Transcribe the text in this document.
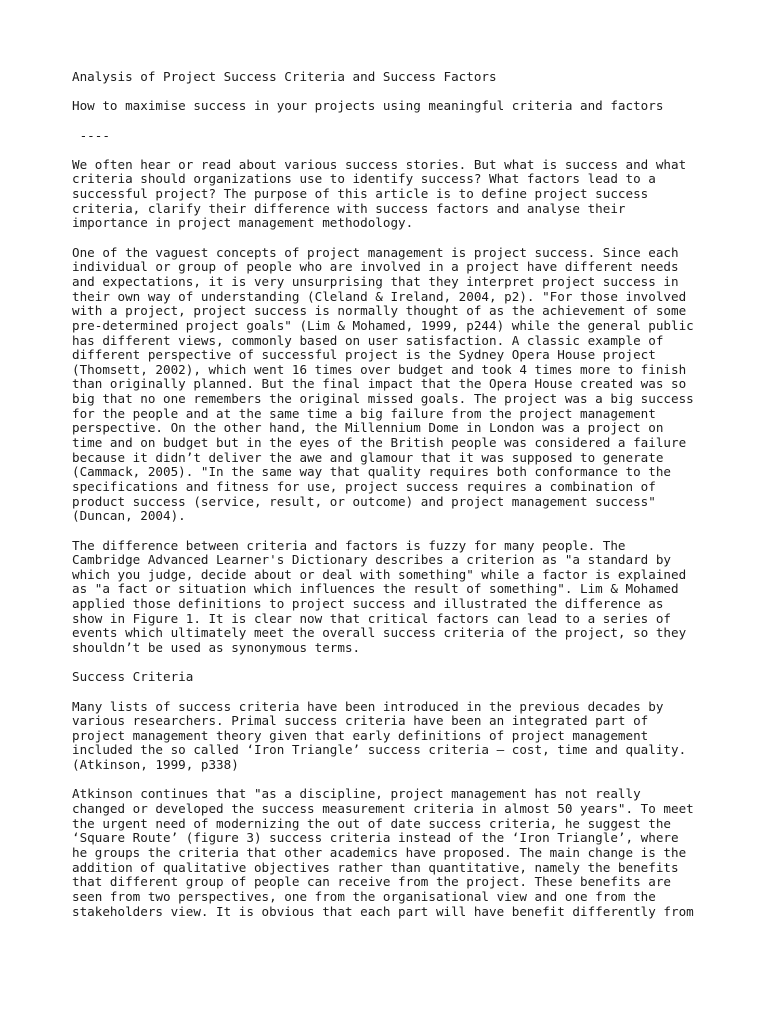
Analysis of Project Success Criteria and Success Factors
How to maximise success in your projects using meaningful criteria and factors
----
We often hear or read about various success stories. But what is success and what
criteria should organizations use to identify success? What factors lead to a
successful project? The purpose of this article is to define project success
criteria, clarify their difference with success factors and analyse their
importance in project management methodology.
One of the vaguest concepts of project management is project success. Since each
individual or group of people who are involved in a project have different needs
and expectations, it is very unsurprising that they interpret project success in
their own way of understanding (Cleland & Ireland, 2004, p2). "For those involved
with a project, project success is normally thought of as the achievement of some
pre-determined project goals" (Lim & Mohamed, 1999, p244) while the general public
has different views, commonly based on user satisfaction. A classic example of
different perspective of successful project is the Sydney Opera House project
(Thomsett, 2002), which went 16 times over budget and took 4 times more to finish
than originally planned. But the final impact that the Opera House created was so
big that no one remembers the original missed goals. The project was a big success
for the people and at the same time a big failure from the project management
perspective. On the other hand, the Millennium Dome in London was a project on
time and on budget but in the eyes of the British people was considered a failure
because it didn’t deliver the awe and glamour that it was supposed to generate
(Cammack, 2005). "In the same way that quality requires both conformance to the
specifications and fitness for use, project success requires a combination of
product success (service, result, or outcome) and project management success"
(Duncan, 2004).
The difference between criteria and factors is fuzzy for many people. The
Cambridge Advanced Learner's Dictionary describes a criterion as "a standard by
which you judge, decide about or deal with something" while a factor is explained
as "a fact or situation which influences the result of something". Lim & Mohamed
applied those definitions to project success and illustrated the difference as
show in Figure 1. It is clear now that critical factors can lead to a series of
events which ultimately meet the overall success criteria of the project, so they
shouldn’t be used as synonymous terms.
Success Criteria
Many lists of success criteria have been introduced in the previous decades by
various researchers. Primal success criteria have been an integrated part of
project management theory given that early definitions of project management
included the so called ‘Iron Triangle’ success criteria – cost, time and quality.
(Atkinson, 1999, p338)
Atkinson continues that "as a discipline, project management has not really
changed or developed the success measurement criteria in almost 50 years". To meet
the urgent need of modernizing the out of date success criteria, he suggest the
‘Square Route’ (figure 3) success criteria instead of the ‘Iron Triangle’, where
he groups the criteria that other academics have proposed. The main change is the
addition of qualitative objectives rather than quantitative, namely the benefits
that different group of people can receive from the project. These benefits are
seen from two perspectives, one from the organisational view and one from the
stakeholders view. It is obvious that each part will have benefit differently from
